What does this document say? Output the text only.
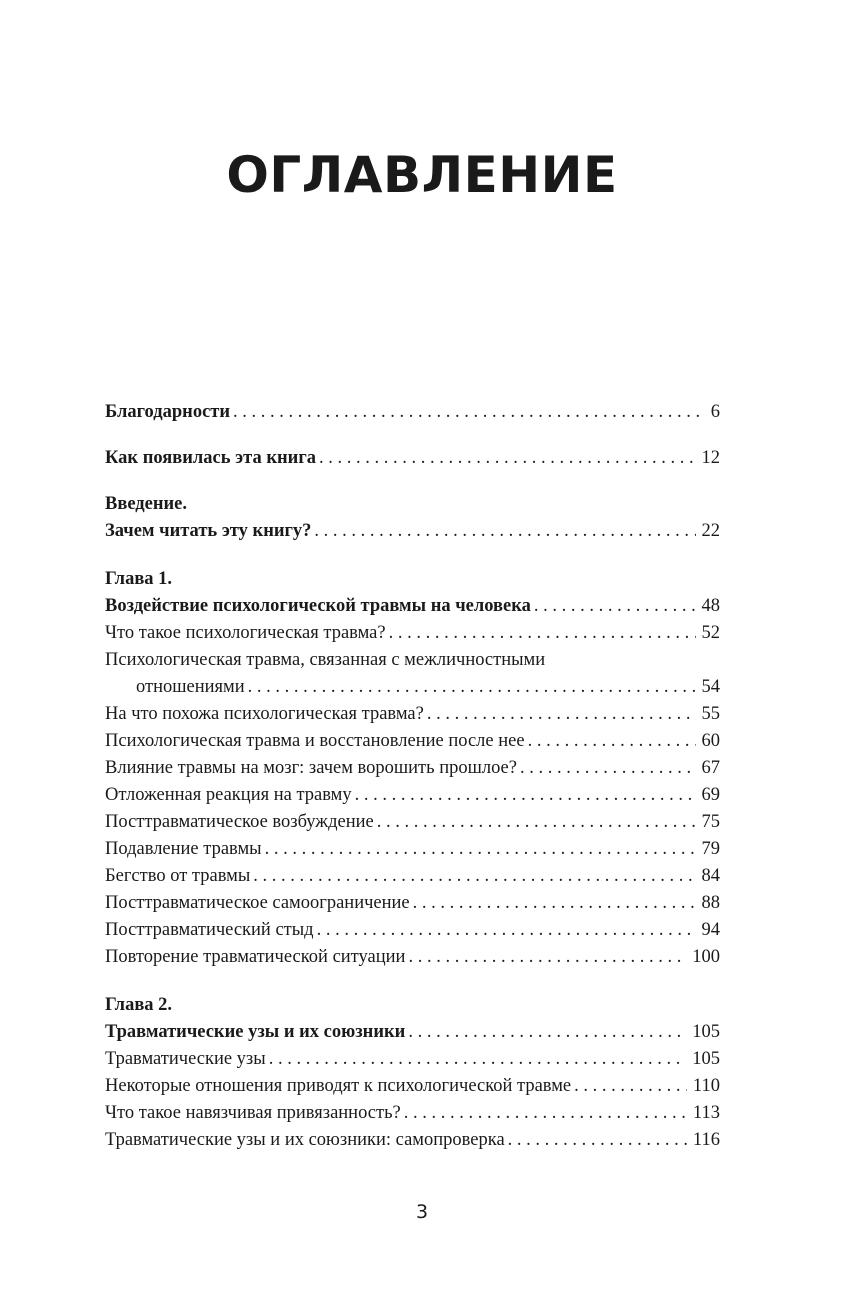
ОГЛАВЛЕНИЕ
Благодарности . . .	6
Как появилась эта книга . . .	12
Введение.
Зачем читать эту книгу? . . .	22
Глава 1.
Воздействие психологической травмы на человека . . .	48
Что такое психологическая травма? . . .	52
Психологическая травма, связанная с межличностными
отношениями . . .	54
На что похожа психологическая травма? . . .	55
Психологическая травма и восстановление после нее . . .	60
Влияние травмы на мозг: зачем ворошить прошлое? . . .	67
Отложенная реакция на травму . . .	69
Посттравматическое возбуждение . . .	75
Подавление травмы . . .	79
Бегство от травмы . . .	84
Посттравматическое самоограничение . . .	88
Посттравматический стыд . . .	94
Повторение травматической ситуации . . .	100
Глава 2.
Травматические узы и их союзники . . .	105
Травматические узы . . .	105
Некоторые отношения приводят к психологической травме . . .	110
Что такое навязчивая привязанность? . . .	113
Травматические узы и их союзники: самопроверка . . .	116
3
